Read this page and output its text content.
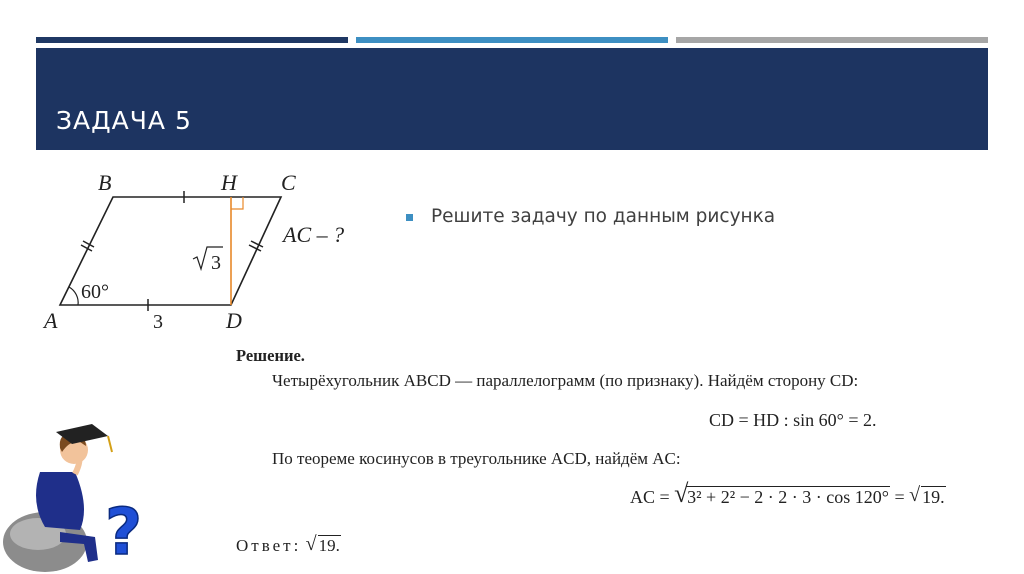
ЗАДАЧА 5
B	H C
A	D
AC – ?
60°
3
3
Решите задачу по данным рисунка
Решение.
Четырёхугольник ABCD — параллелограмм (по признаку). Найдём сторону CD:
CD = HD : sin 60° = 2.
По теореме косинусов в треугольнике ACD, найдём AC:
AC = √ 3² + 2² − 2 · 2 · 3 · cos 120° = √ 19.
Ответ: √ 19.
?
